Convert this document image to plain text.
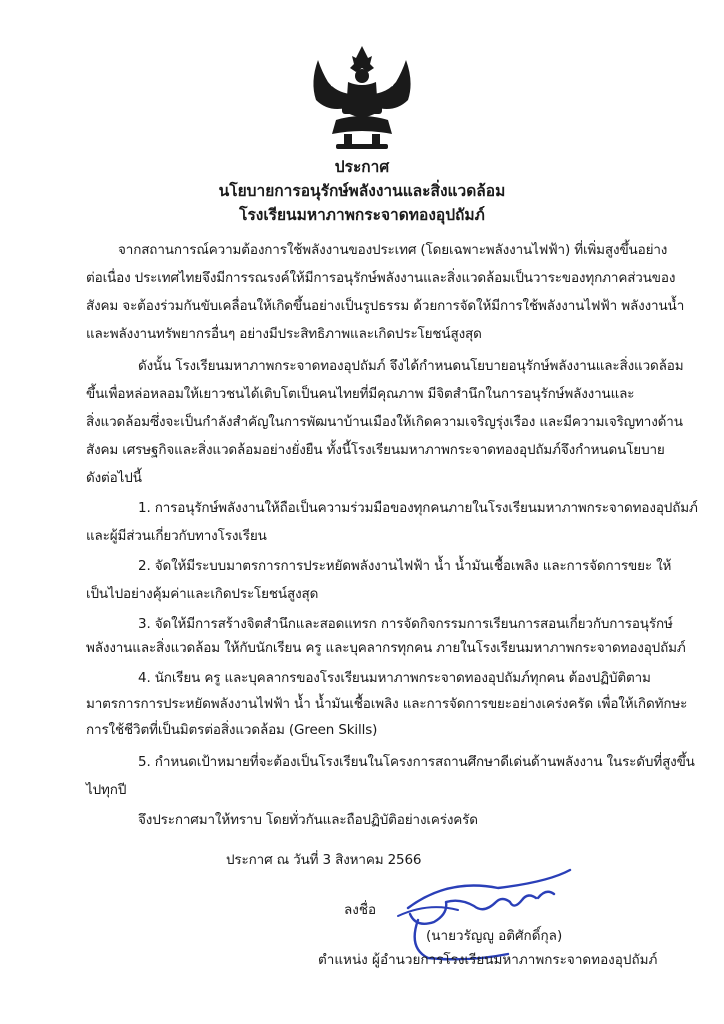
ประกาศ
นโยบายการอนุรักษ์พลังงานและสิ่งแวดล้อม
โรงเรียนมหาภาพกระจาดทองอุปถัมภ์
จากสถานการณ์ความต้องการใช้พลังงานของประเทศ (โดยเฉพาะพลังงานไฟฟ้า) ที่เพิ่มสูงขึ้นอย่าง
ต่อเนื่อง ประเทศไทยจึงมีการรณรงค์ให้มีการอนุรักษ์พลังงานและสิ่งแวดล้อมเป็นวาระของทุกภาคส่วนของ
สังคม จะต้องร่วมกันขับเคลื่อนให้เกิดขึ้นอย่างเป็นรูปธรรม ด้วยการจัดให้มีการใช้พลังงานไฟฟ้า พลังงานน้ำ
และพลังงานทรัพยากรอื่นๆ อย่างมีประสิทธิภาพและเกิดประโยชน์สูงสุด
ดังนั้น โรงเรียนมหาภาพกระจาดทองอุปถัมภ์ จึงได้กำหนดนโยบายอนุรักษ์พลังงานและสิ่งแวดล้อม
ขึ้นเพื่อหล่อหลอมให้เยาวชนได้เติบโตเป็นคนไทยที่มีคุณภาพ มีจิตสำนึกในการอนุรักษ์พลังงานและ
สิ่งแวดล้อมซึ่งจะเป็นกำลังสำคัญในการพัฒนาบ้านเมืองให้เกิดความเจริญรุ่งเรือง และมีความเจริญทางด้าน
สังคม เศรษฐกิจและสิ่งแวดล้อมอย่างยั่งยืน ทั้งนี้โรงเรียนมหาภาพกระจาดทองอุปถัมภ์จึงกำหนดนโยบาย
ดังต่อไปนี้
1. การอนุรักษ์พลังงานให้ถือเป็นความร่วมมือของทุกคนภายในโรงเรียนมหาภาพกระจาดทองอุปถัมภ์
และผู้มีส่วนเกี่ยวกับทางโรงเรียน
2. จัดให้มีระบบมาตรการการประหยัดพลังงานไฟฟ้า น้ำ น้ำมันเชื้อเพลิง และการจัดการขยะ ให้
เป็นไปอย่างคุ้มค่าและเกิดประโยชน์สูงสุด
3. จัดให้มีการสร้างจิตสำนึกและสอดแทรก การจัดกิจกรรมการเรียนการสอนเกี่ยวกับการอนุรักษ์
พลังงานและสิ่งแวดล้อม ให้กับนักเรียน ครู และบุคลากรทุกคน ภายในโรงเรียนมหาภาพกระจาดทองอุปถัมภ์
4. นักเรียน ครู และบุคลากรของโรงเรียนมหาภาพกระจาดทองอุปถัมภ์ทุกคน ต้องปฏิบัติตาม
มาตรการการประหยัดพลังงานไฟฟ้า น้ำ น้ำมันเชื้อเพลิง และการจัดการขยะอย่างเคร่งครัด เพื่อให้เกิดทักษะ
การใช้ชีวิตที่เป็นมิตรต่อสิ่งแวดล้อม (Green Skills)
5. กำหนดเป้าหมายที่จะต้องเป็นโรงเรียนในโครงการสถานศึกษาดีเด่นด้านพลังงาน ในระดับที่สูงขึ้น
ไปทุกปี
จึงประกาศมาให้ทราบ โดยทั่วกันและถือปฏิบัติอย่างเคร่งครัด
ประกาศ ณ วันที่ 3 สิงหาคม 2566
ลงชื่อ
(นายวรัญญู อติศักดิ์กุล)
ตำแหน่ง ผู้อำนวยการโรงเรียนมหาภาพกระจาดทองอุปถัมภ์
